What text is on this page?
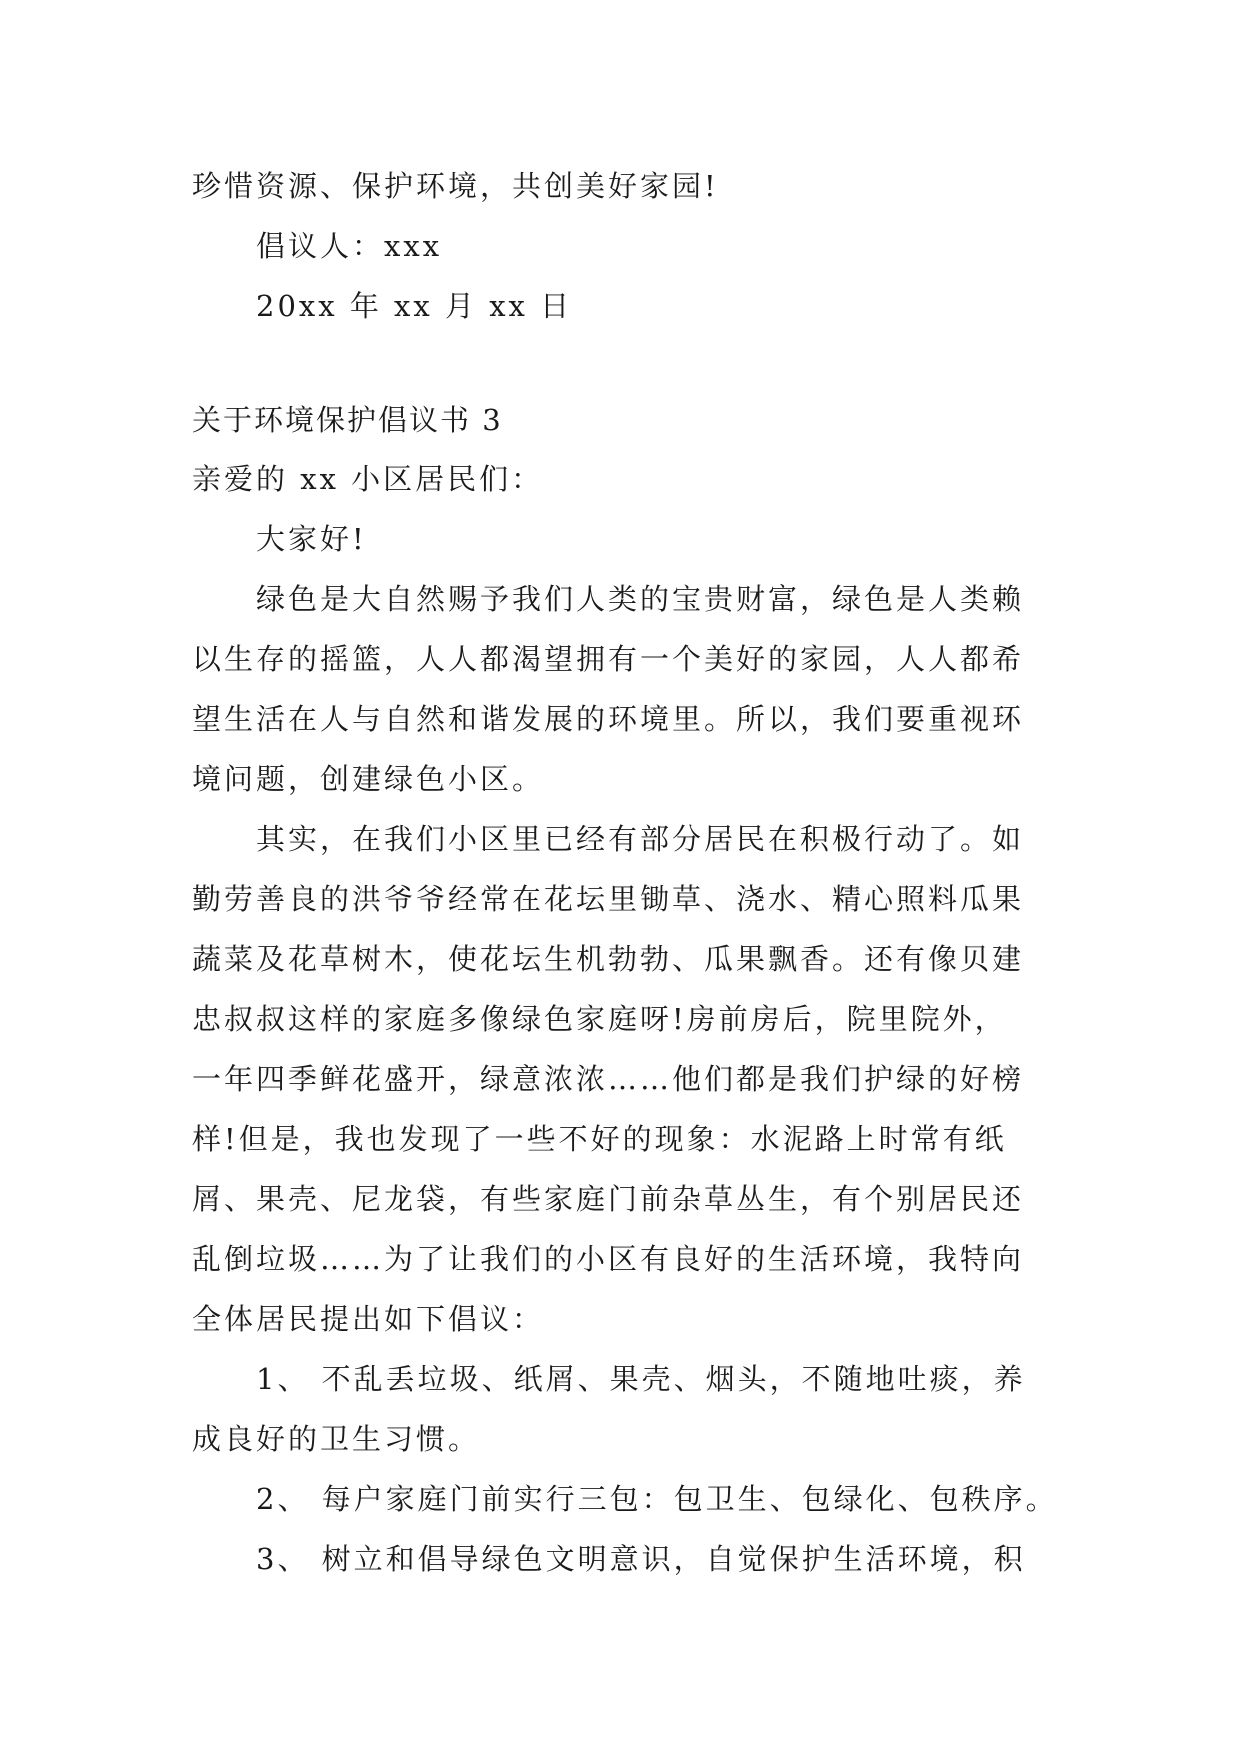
珍惜资源、保护环境，共创美好家园!
倡议人：xxx
20xx 年 xx 月 xx 日
关于环境保护倡议书 3
亲爱的 xx 小区居民们：
大家好!
绿色是大自然赐予我们人类的宝贵财富，绿色是人类赖
以生存的摇篮，人人都渴望拥有一个美好的家园，人人都希
望生活在人与自然和谐发展的环境里。所以，我们要重视环
境问题，创建绿色小区。
其实，在我们小区里已经有部分居民在积极行动了。如
勤劳善良的洪爷爷经常在花坛里锄草、浇水、精心照料瓜果
蔬菜及花草树木，使花坛生机勃勃、瓜果飘香。还有像贝建
忠叔叔这样的家庭多像绿色家庭呀!房前房后，院里院外，
一年四季鲜花盛开，绿意浓浓……他们都是我们护绿的好榜
样!但是，我也发现了一些不好的现象：水泥路上时常有纸
屑、果壳、尼龙袋，有些家庭门前杂草丛生，有个别居民还
乱倒垃圾……为了让我们的小区有良好的生活环境，我特向
全体居民提出如下倡议：
1、 不乱丢垃圾、纸屑、果壳、烟头，不随地吐痰，养
成良好的卫生习惯。
2、 每户家庭门前实行三包：包卫生、包绿化、包秩序。
3、 树立和倡导绿色文明意识，自觉保护生活环境，积
